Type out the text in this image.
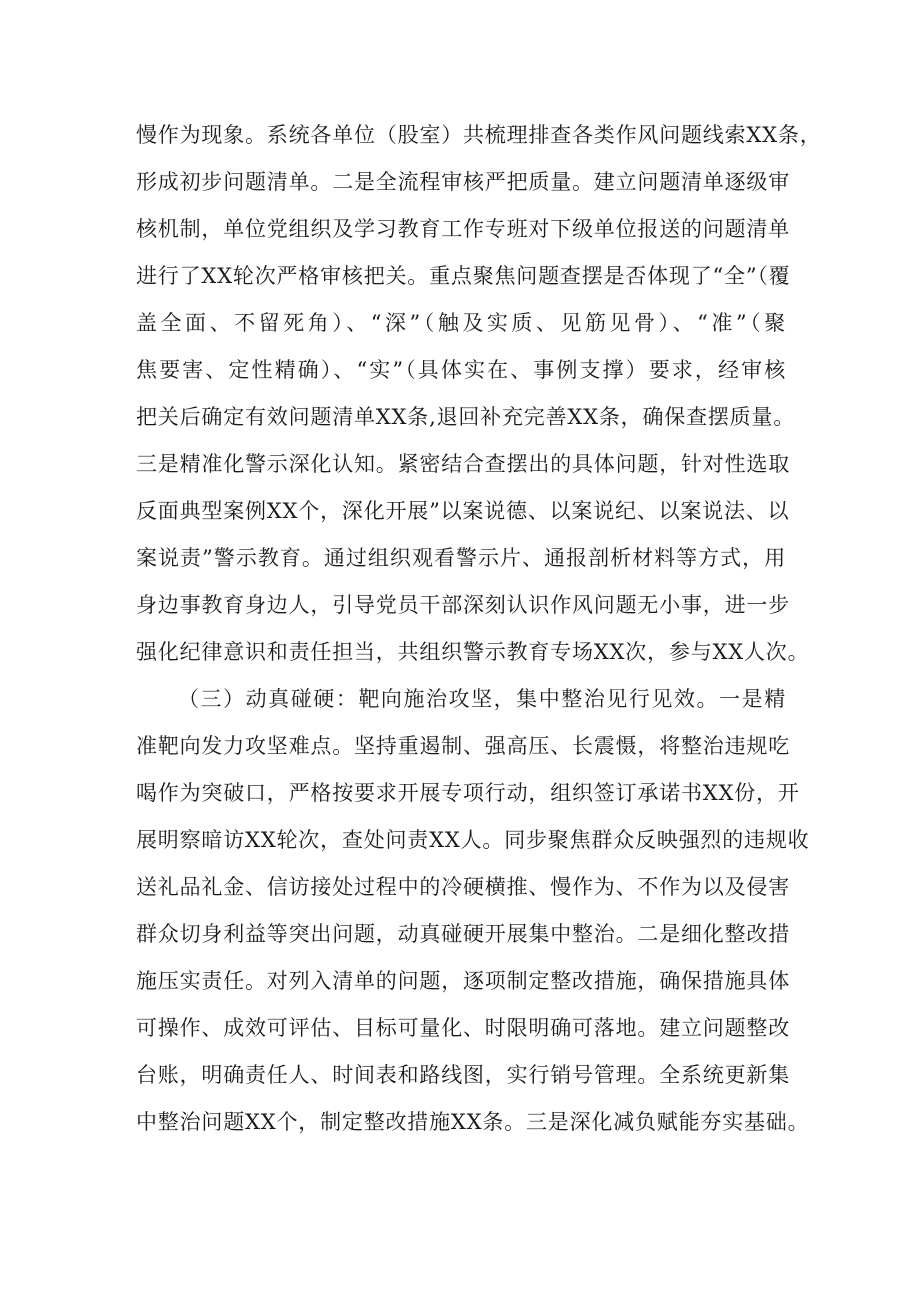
慢作为现象。系统各单位（股室）共梳理排查各类作风问题线索XX条，
形成初步问题清单。二是全流程审核严把质量。建立问题清单逐级审
核机制，单位党组织及学习教育工作专班对下级单位报送的问题清单
进行了XX轮次严格审核把关。重点聚焦问题查摆是否体现了“全”（覆
盖全面、不留死角）、“深”（触及实质、见筋见骨）、“准”（聚
焦要害、定性精确）、“实”（具体实在、事例支撑）要求，经审核
把关后确定有效问题清单XX条,退回补充完善XX条，确保查摆质量。
三是精准化警示深化认知。紧密结合查摆出的具体问题，针对性选取
反面典型案例XX个，深化开展”以案说德、以案说纪、以案说法、以
案说责”警示教育。通过组织观看警示片、通报剖析材料等方式，用
身边事教育身边人，引导党员干部深刻认识作风问题无小事，进一步
强化纪律意识和责任担当，共组织警示教育专场XX次，参与XX人次。
（三）动真碰硬：靶向施治攻坚，集中整治见行见效。一是精
准靶向发力攻坚难点。坚持重遏制、强高压、长震慑，将整治违规吃
喝作为突破口，严格按要求开展专项行动，组织签订承诺书XX份，开
展明察暗访XX轮次，查处问责XX人。同步聚焦群众反映强烈的违规收
送礼品礼金、信访接处过程中的冷硬横推、慢作为、不作为以及侵害
群众切身利益等突出问题，动真碰硬开展集中整治。二是细化整改措
施压实责任。对列入清单的问题，逐项制定整改措施，确保措施具体
可操作、成效可评估、目标可量化、时限明确可落地。建立问题整改
台账，明确责任人、时间表和路线图，实行销号管理。全系统更新集
中整治问题XX个，制定整改措施XX条。三是深化减负赋能夯实基础。
